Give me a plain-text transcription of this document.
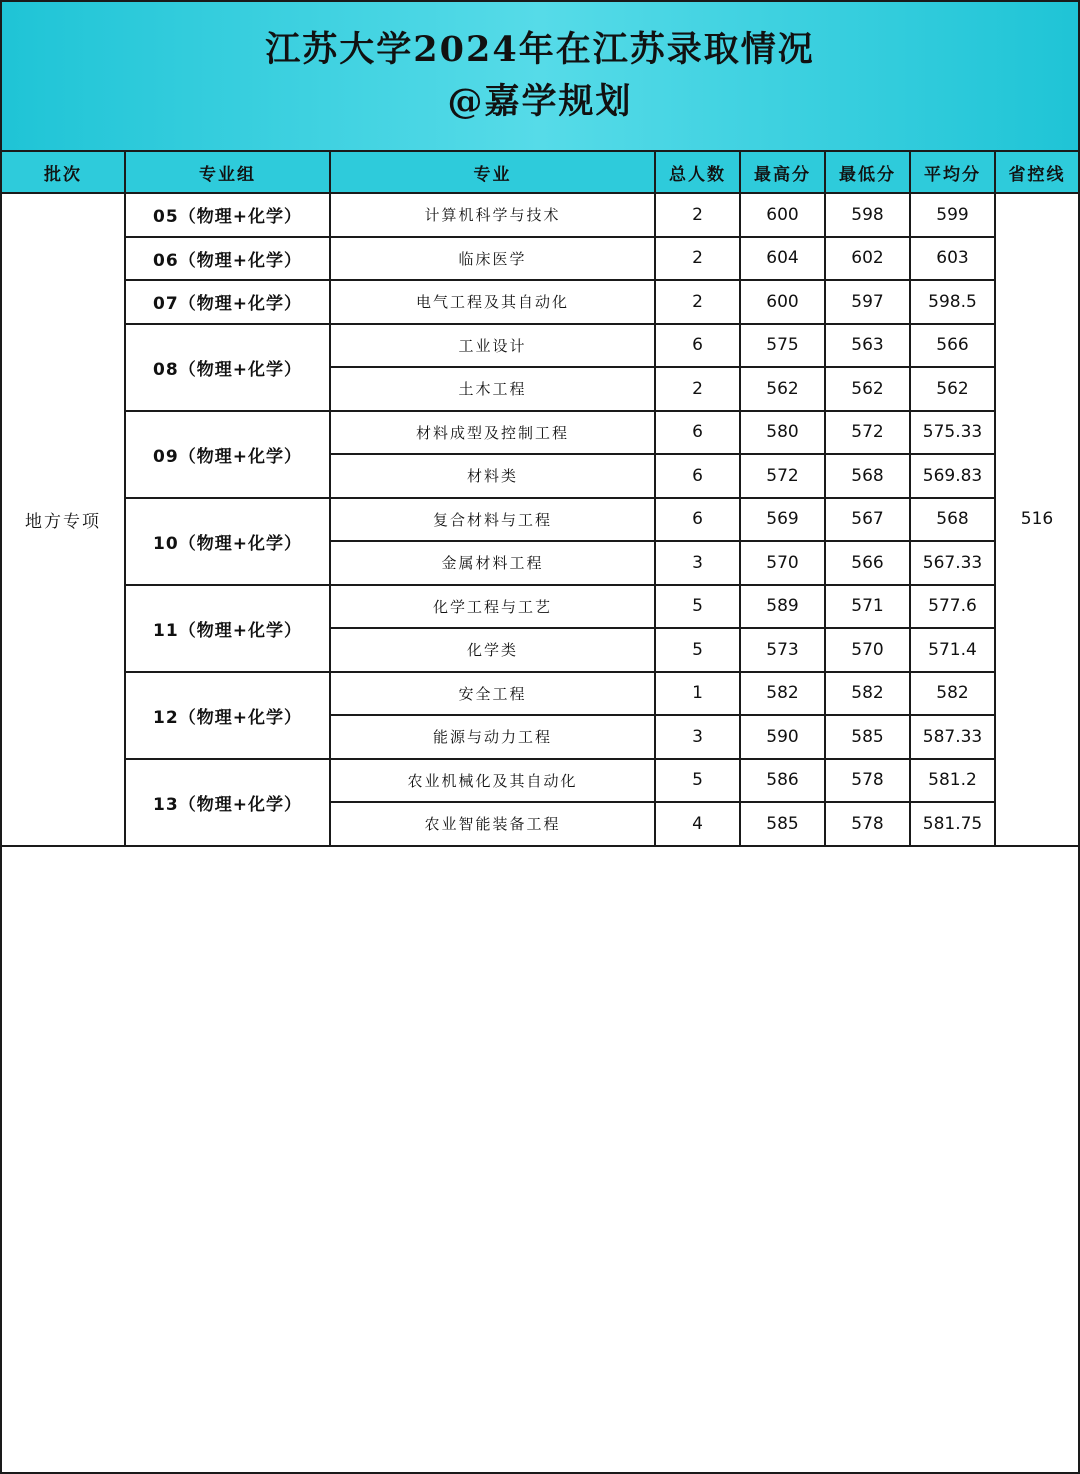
江苏大学2024年在江苏录取情况
@嘉学规划
批次	专业组	专业	总人数	最高分	最低分	平均分	省控线
地方专项	05（物理+化学）	计算机科学与技术	2	600	598	599	516
	06（物理+化学）	临床医学	2	604	602	603	
	07（物理+化学）	电气工程及其自动化	2	600	597	598.5	
	08（物理+化学）	工业设计	6	575	563	566	
		土木工程	2	562	562	562	
	09（物理+化学）	材料成型及控制工程	6	580	572	575.33	
		材料类	6	572	568	569.83	
	10（物理+化学）	复合材料与工程	6	569	567	568	
		金属材料工程	3	570	566	567.33	
	11（物理+化学）	化学工程与工艺	5	589	571	577.6	
		化学类	5	573	570	571.4	
	12（物理+化学）	安全工程	1	582	582	582	
		能源与动力工程	3	590	585	587.33	
	13（物理+化学）	农业机械化及其自动化	5	586	578	581.2	
		农业智能装备工程	4	585	578	581.75	
